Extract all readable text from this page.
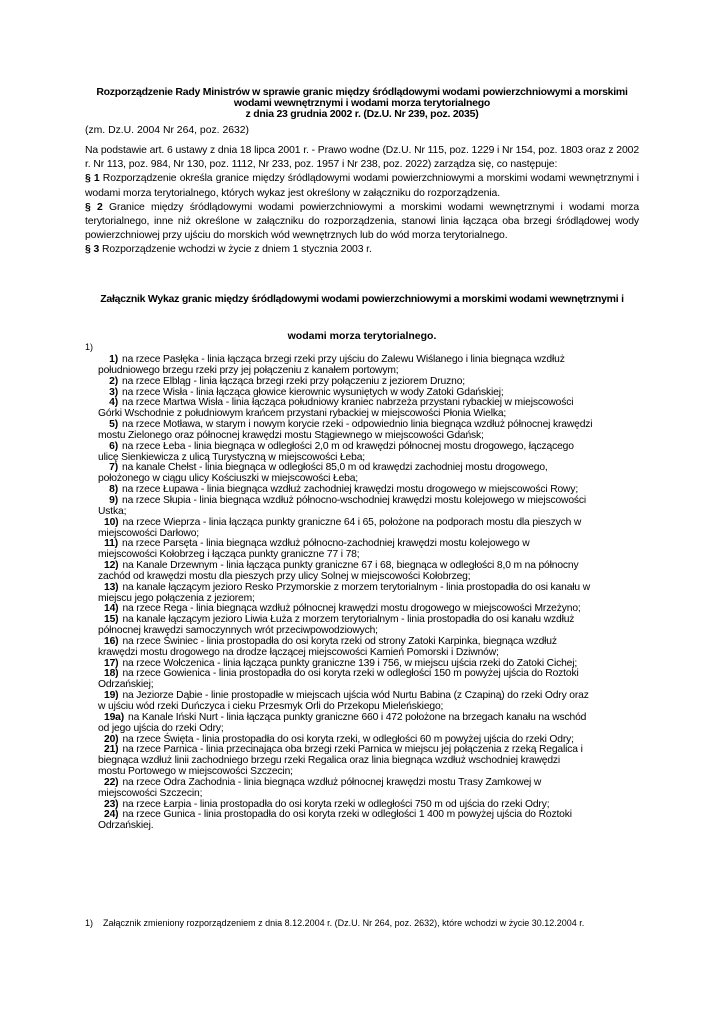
Rozporządzenie Rady Ministrów w sprawie granic między śródlądowymi wodami powierzchniowymi a morskimi
wodami wewnętrznymi i wodami morza terytorialnego
z dnia 23 grudnia 2002 r. (Dz.U. Nr 239, poz. 2035)
(zm. Dz.U. 2004 Nr 264, poz. 2632)

Na podstawie art. 6 ustawy z dnia 18 lipca 2001 r. - Prawo wodne (Dz.U. Nr 115, poz. 1229 i Nr 154, poz. 1803 oraz z 2002 r. Nr 113, poz. 984, Nr 130, poz. 1112, Nr 233, poz. 1957 i Nr 238, poz. 2022) zarządza się, co następuje:

§ 1 Rozporządzenie określa granice między śródlądowymi wodami powierzchniowymi a morskimi wodami wewnętrznymi i wodami morza terytorialnego, których wykaz jest określony w załączniku do rozporządzenia.

§ 2 Granice między śródlądowymi wodami powierzchniowymi a morskimi wodami wewnętrznymi i wodami morza terytorialnego, inne niż określone w załączniku do rozporządzenia, stanowi linia łącząca oba brzegi śródlądowej wody powierzchniowej przy ujściu do morskich wód wewnętrznych lub do wód morza terytorialnego.

§ 3 Rozporządzenie wchodzi w życie z dniem 1 stycznia 2003 r.

Załącznik Wykaz granic między śródlądowymi wodami powierzchniowymi a morskimi wodami wewnętrznymi i
wodami morza terytorialnego.
1)
1) na rzece Pasłęka - linia łącząca brzegi rzeki przy ujściu do Zalewu Wiślanego i linia biegnąca wzdłuż
południowego brzegu rzeki przy jej połączeniu z kanałem portowym;
2) na rzece Elbląg - linia łącząca brzegi rzeki przy połączeniu z jeziorem Druzno;
3) na rzece Wisła - linia łącząca głowice kierownic wysuniętych w wody Zatoki Gdańskiej;
4) na rzece Martwa Wisła - linia łącząca południowy kraniec nabrzeża przystani rybackiej w miejscowości
Górki Wschodnie z południowym krańcem przystani rybackiej w miejscowości Płonia Wielka;
5) na rzece Motława, w starym i nowym korycie rzeki - odpowiednio linia biegnąca wzdłuż północnej krawędzi
mostu Zielonego oraz północnej krawędzi mostu Stągiewnego w miejscowości Gdańsk;
6) na rzece Łeba - linia biegnąca w odległości 2,0 m od krawędzi północnej mostu drogowego, łączącego
ulicę Sienkiewicza z ulicą Turystyczną w miejscowości Łeba;
7) na kanale Chełst - linia biegnąca w odległości 85,0 m od krawędzi zachodniej mostu drogowego,
położonego w ciągu ulicy Kościuszki w miejscowości Łeba;
8) na rzece Łupawa - linia biegnąca wzdłuż zachodniej krawędzi mostu drogowego w miejscowości Rowy;
9) na rzece Słupia - linia biegnąca wzdłuż północno-wschodniej krawędzi mostu kolejowego w miejscowości
Ustka;
10) na rzece Wieprza - linia łącząca punkty graniczne 64 i 65, położone na podporach mostu dla pieszych w
miejscowości Darłowo;
11) na rzece Parsęta - linia biegnąca wzdłuż północno-zachodniej krawędzi mostu kolejowego w
miejscowości Kołobrzeg i łącząca punkty graniczne 77 i 78;
12) na Kanale Drzewnym - linia łącząca punkty graniczne 67 i 68, biegnąca w odległości 8,0 m na północny
zachód od krawędzi mostu dla pieszych przy ulicy Solnej w miejscowości Kołobrzeg;
13) na kanale łączącym jezioro Resko Przymorskie z morzem terytorialnym - linia prostopadła do osi kanału w
miejscu jego połączenia z jeziorem;
14) na rzece Rega - linia biegnąca wzdłuż północnej krawędzi mostu drogowego w miejscowości Mrzeżyno;
15) na kanale łączącym jezioro Liwia Łuża z morzem terytorialnym - linia prostopadła do osi kanału wzdłuż
północnej krawędzi samoczynnych wrót przeciwpowodziowych;
16) na rzece Świniec - linia prostopadła do osi koryta rzeki od strony Zatoki Karpinka, biegnąca wzdłuż
krawędzi mostu drogowego na drodze łączącej miejscowości Kamień Pomorski i Dziwnów;
17) na rzece Wołczenica - linia łącząca punkty graniczne 139 i 756, w miejscu ujścia rzeki do Zatoki Cichej;
18) na rzece Gowienica - linia prostopadła do osi koryta rzeki w odległości 150 m powyżej ujścia do Roztoki
Odrzańskiej;
19) na Jeziorze Dąbie - linie prostopadłe w miejscach ujścia wód Nurtu Babina (z Czapiną) do rzeki Odry oraz
w ujściu wód rzeki Duńczyca i cieku Przesmyk Orli do Przekopu Mieleńskiego;
19a) na Kanale Iński Nurt - linia łącząca punkty graniczne 660 i 472 położone na brzegach kanału na wschód
od jego ujścia do rzeki Odry;
20) na rzece Święta - linia prostopadła do osi koryta rzeki, w odległości 60 m powyżej ujścia do rzeki Odry;
21) na rzece Parnica - linia przecinająca oba brzegi rzeki Parnica w miejscu jej połączenia z rzeką Regalica i
biegnąca wzdłuż linii zachodniego brzegu rzeki Regalica oraz linia biegnąca wzdłuż wschodniej krawędzi
mostu Portowego w miejscowości Szczecin;
22) na rzece Odra Zachodnia - linia biegnąca wzdłuż północnej krawędzi mostu Trasy Zamkowej w
miejscowości Szczecin;
23) na rzece Łarpia - linia prostopadła do osi koryta rzeki w odległości 750 m od ujścia do rzeki Odry;
24) na rzece Gunica - linia prostopadła do osi koryta rzeki w odległości 1 400 m powyżej ujścia do Roztoki
Odrzańskiej.
1) Załącznik zmieniony rozporządzeniem z dnia 8.12.2004 r. (Dz.U. Nr 264, poz. 2632), które wchodzi w życie 30.12.2004 r.
